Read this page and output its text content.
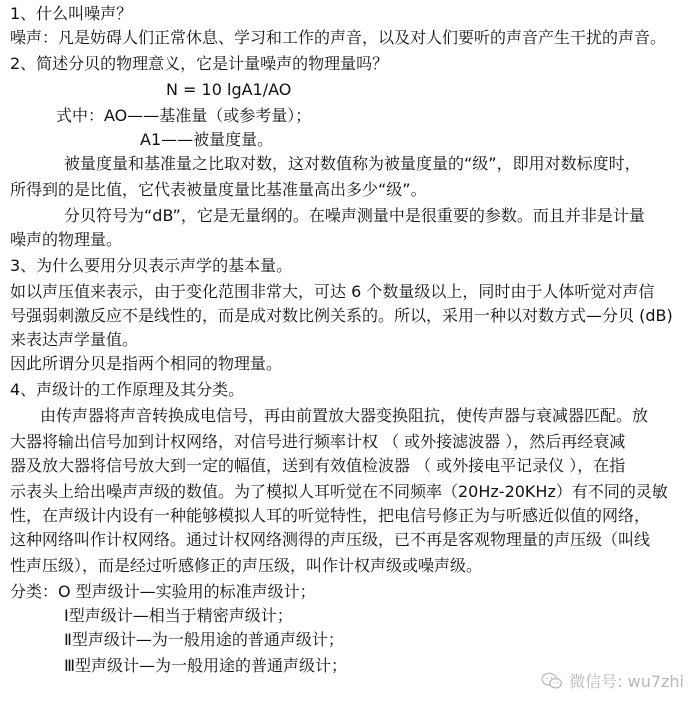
1、什么叫噪声？
噪声：凡是妨碍人们正常休息、学习和工作的声音，以及对人们要听的声音产生干扰的声音。
2、简述分贝的物理意义，它是计量噪声的物理量吗？
N = 10 lgA1/AO
式中：AO——基准量（或参考量）；
A1——被量度量。
被量度量和基准量之比取对数，这对数值称为被量度量的“级”，即用对数标度时，
所得到的是比值，它代表被量度量比基准量高出多少“级”。
分贝符号为“dB”，它是无量纲的。在噪声测量中是很重要的参数。而且并非是计量
噪声的物理量。
3、为什么要用分贝表示声学的基本量。
如以声压值来表示，由于变化范围非常大，可达 6 个数量级以上，同时由于人体听觉对声信
号强弱刺激反应不是线性的，而是成对数比例关系的。所以，采用一种以对数方式—分贝 (dB)
来表达声学量值。
因此所谓分贝是指两个相同的物理量。
4、声级计的工作原理及其分类。
由传声器将声音转换成电信号，再由前置放大器变换阻抗，使传声器与衰减器匹配。放
大器将输出信号加到计权网络，对信号进行频率计权 （ 或外接滤波器 ），然后再经衰减
器及放大器将信号放大到一定的幅值，送到有效值检波器 （ 或外接电平记录仪 ），在指
示表头上给出噪声声级的数值。为了模拟人耳听觉在不同频率（20Hz-20KHz）有不同的灵敏
性，在声级计内设有一种能够模拟人耳的听觉特性，把电信号修正为与听感近似值的网络，
这种网络叫作计权网络。通过计权网络测得的声压级，已不再是客观物理量的声压级（叫线
性声压级），而是经过听感修正的声压级，叫作计权声级或噪声级。
分类：O 型声级计—实验用的标准声级计；
Ⅰ型声级计—相当于精密声级计；
Ⅱ型声级计—为一般用途的普通声级计；
Ⅲ型声级计—为一般用途的普通声级计；
微信号: wu7zhi
